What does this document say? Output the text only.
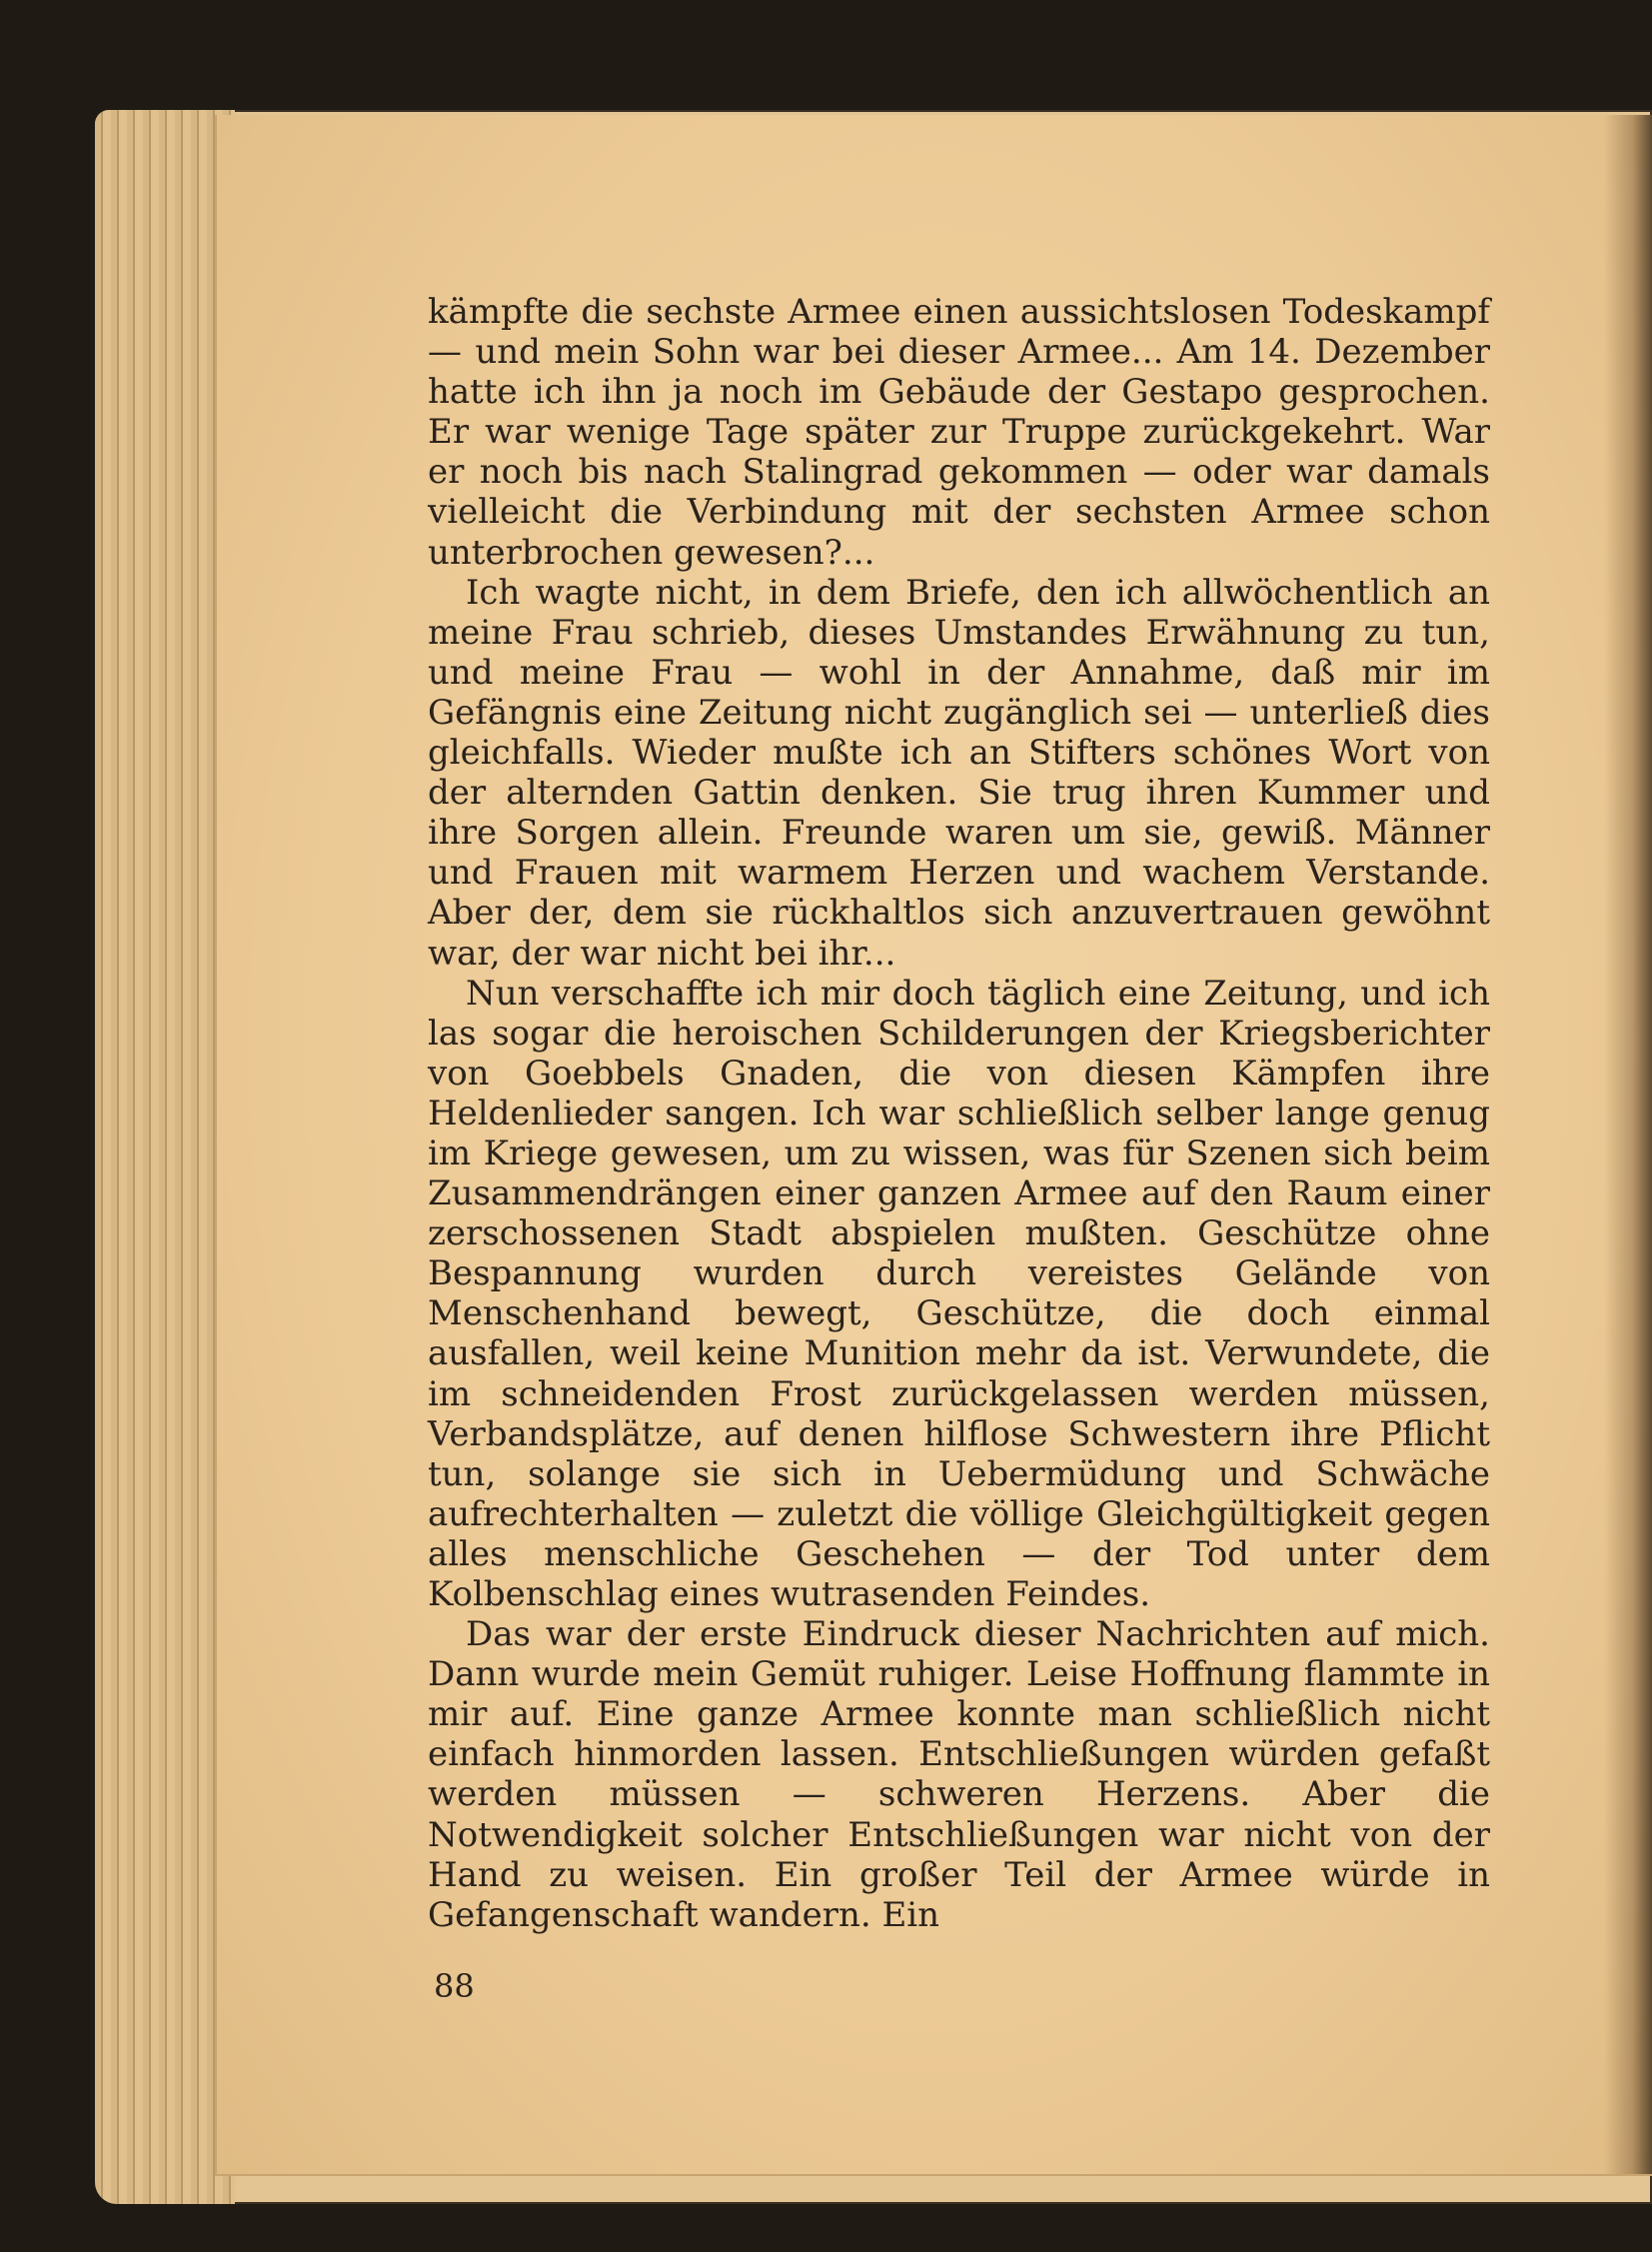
kämpfte die sechste Armee einen aussichtslosen Todeskampf — und mein Sohn war bei dieser Armee... Am 14. Dezember hatte ich ihn ja noch im Gebäude der Gestapo gesprochen. Er war wenige Tage später zur Truppe zurückgekehrt. War er noch bis nach Stalingrad gekommen — oder war damals vielleicht die Verbindung mit der sechsten Armee schon unterbrochen gewesen?...

Ich wagte nicht, in dem Briefe, den ich allwöchentlich an meine Frau schrieb, dieses Umstandes Erwähnung zu tun, und meine Frau — wohl in der Annahme, daß mir im Gefängnis eine Zeitung nicht zugänglich sei — unterließ dies gleichfalls. Wieder mußte ich an Stifters schönes Wort von der alternden Gattin denken. Sie trug ihren Kummer und ihre Sorgen allein. Freunde waren um sie, gewiß. Männer und Frauen mit warmem Herzen und wachem Verstande. Aber der, dem sie rückhaltlos sich anzuvertrauen gewöhnt war, der war nicht bei ihr...

Nun verschaffte ich mir doch täglich eine Zeitung, und ich las sogar die heroischen Schilderungen der Kriegsberichter von Goebbels Gnaden, die von diesen Kämpfen ihre Heldenlieder sangen. Ich war schließlich selber lange genug im Kriege gewesen, um zu wissen, was für Szenen sich beim Zusammendrängen einer ganzen Armee auf den Raum einer zerschossenen Stadt abspielen mußten. Geschütze ohne Bespannung wurden durch vereistes Gelände von Menschenhand bewegt, Geschütze, die doch einmal ausfallen, weil keine Munition mehr da ist. Verwundete, die im schneidenden Frost zurückgelassen werden müssen, Verbandsplätze, auf denen hilflose Schwestern ihre Pflicht tun, solange sie sich in Uebermüdung und Schwäche aufrechterhalten — zuletzt die völlige Gleichgültigkeit gegen alles menschliche Geschehen — der Tod unter dem Kolbenschlag eines wutrasenden Feindes.

Das war der erste Eindruck dieser Nachrichten auf mich. Dann wurde mein Gemüt ruhiger. Leise Hoffnung flammte in mir auf. Eine ganze Armee konnte man schließlich nicht einfach hinmorden lassen. Entschließungen würden gefaßt werden müssen — schweren Herzens. Aber die Notwendigkeit solcher Entschließungen war nicht von der Hand zu weisen. Ein großer Teil der Armee würde in Gefangenschaft wandern. Ein

88
